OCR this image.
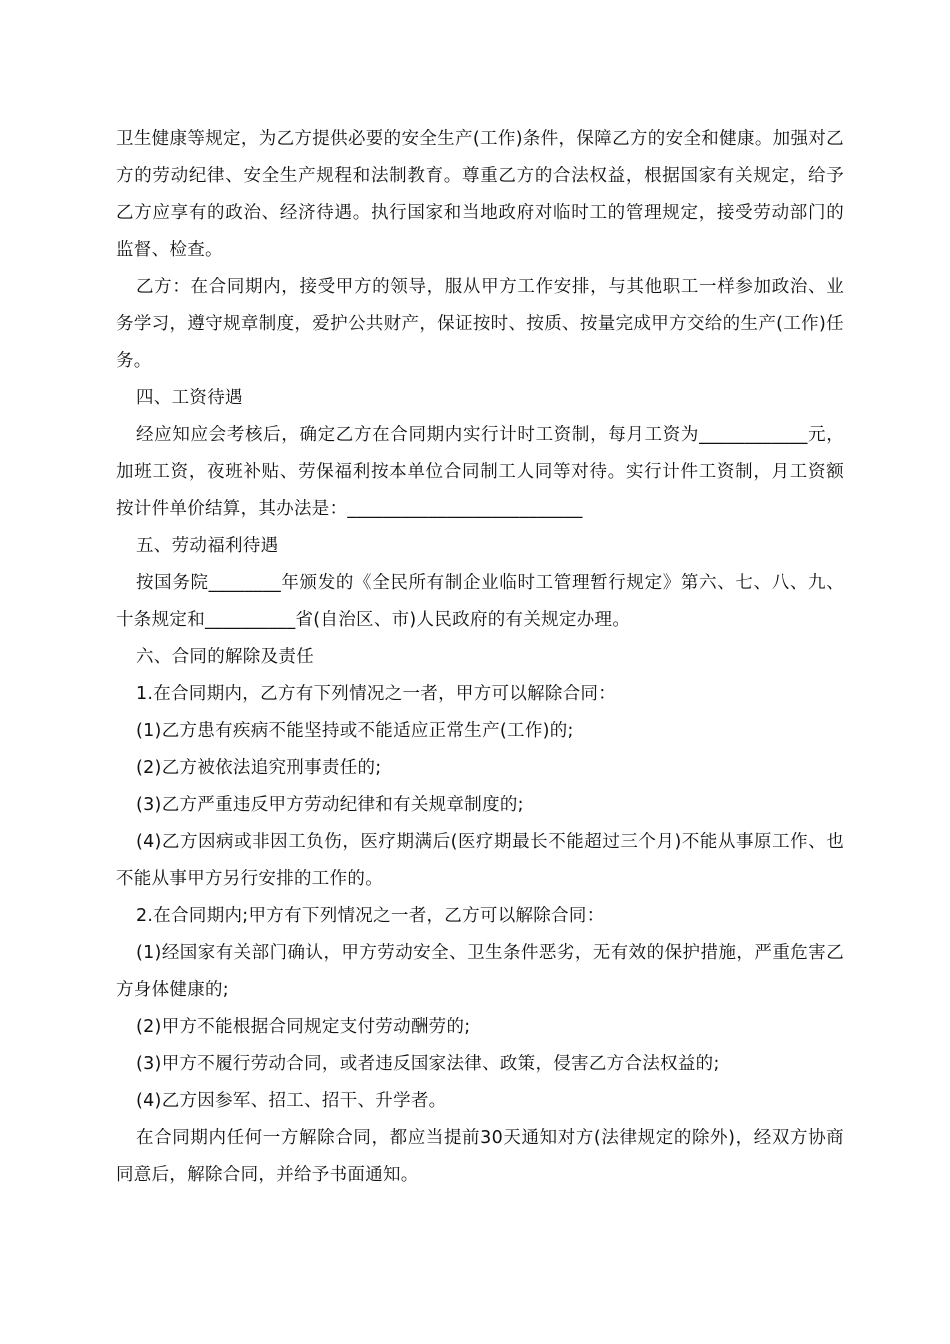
卫生健康等规定，为乙方提供必要的安全生产(工作)条件，保障乙方的安全和健康。加强对乙方的劳动纪律、安全生产规程和法制教育。尊重乙方的合法权益，根据国家有关规定，给予乙方应享有的政治、经济待遇。执行国家和当地政府对临时工的管理规定，接受劳动部门的监督、检查。

乙方：在合同期内，接受甲方的领导，服从甲方工作安排，与其他职工一样参加政治、业务学习，遵守规章制度，爱护公共财产，保证按时、按质、按量完成甲方交给的生产(工作)任务。

四、工资待遇

经应知应会考核后，确定乙方在合同期内实行计时工资制，每月工资为____________元，加班工资，夜班补贴、劳保福利按本单位合同制工人同等对待。实行计件工资制，月工资额按计件单价结算，其办法是：__________________________

五、劳动福利待遇

按国务院________年颁发的《全民所有制企业临时工管理暂行规定》第六、七、八、九、十条规定和__________省(自治区、市)人民政府的有关规定办理。

六、合同的解除及责任

1.在合同期内，乙方有下列情况之一者，甲方可以解除合同：

(1)乙方患有疾病不能坚持或不能适应正常生产(工作)的;

(2)乙方被依法追究刑事责任的;

(3)乙方严重违反甲方劳动纪律和有关规章制度的;

(4)乙方因病或非因工负伤，医疗期满后(医疗期最长不能超过三个月)不能从事原工作、也不能从事甲方另行安排的工作的。

2.在合同期内;甲方有下列情况之一者，乙方可以解除合同：

(1)经国家有关部门确认，甲方劳动安全、卫生条件恶劣，无有效的保护措施，严重危害乙方身体健康的;

(2)甲方不能根据合同规定支付劳动酬劳的;

(3)甲方不履行劳动合同，或者违反国家法律、政策，侵害乙方合法权益的;

(4)乙方因参军、招工、招干、升学者。

在合同期内任何一方解除合同，都应当提前30天通知对方(法律规定的除外)，经双方协商同意后，解除合同，并给予书面通知。
